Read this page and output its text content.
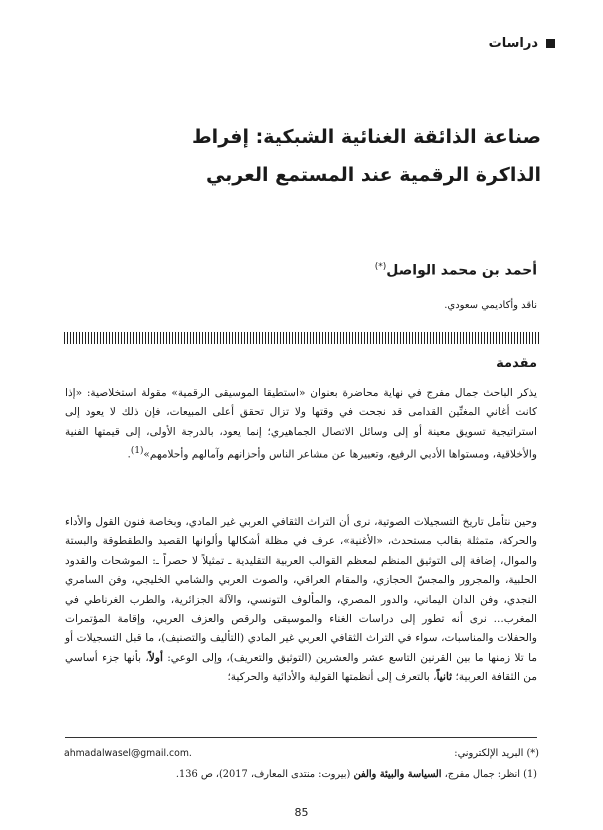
دراسات
صناعة الذائقة الغنائية الشبكية: إفراط
الذاكرة الرقمية عند المستمع العربي
أحمد بن محمد الواصل(*)
ناقد وأكاديمي سعودي.
مقدمة

يذكر الباحث جمال مفرج في نهاية محاضرة بعنوان «استطيقا الموسيقى الرقمية» مقولة استخلاصية: «إذا كانت أغاني المغنِّين القدامى قد نجحت في وقتها ولا تزال تحقق أعلى المبيعات، فإن ذلك لا يعود إلى استراتيجية تسويق معينة أو إلى وسائل الاتصال الجماهيري؛ إنما يعود، بالدرجة الأولى، إلى قيمتها الفنية والأخلاقية، ومستواها الأدبي الرفيع، وتعبيرها عن مشاعر الناس وأحزانهم وآمالهم وأحلامهم»$^{(1)}$.

وحين نتأمل تاريخ التسجيلات الصوتية، نرى أن التراث الثقافي العربي غير المادي، وبخاصة فنون القول والأداء والحركة، متمثلة بقالب مستحدث، «الأغنية»، عرف في مظلة أشكالها وألوانها القصيد والطقطوقة والبستة والموال، إضافة إلى التوثيق المنظم لمعظم القوالب العربية التقليدية ـ تمثيلاً لا حصراً ـ: الموشحات والقدود الحلبية، والمجرور والمجسّ الحجازي، والمقام العراقي، والصوت العربي والشامي الخليجي، وفن السامري النجدي، وفن الدان اليماني، والدور المصري، والمألوف التونسي، والآلة الجزائرية، والطرب الغرناطي في المغرب... نرى أنه تطور إلى دراسات الغناء والموسيقى والرقص والعزف العربي، وإقامة المؤتمرات والحفلات والمناسبات، سواء في التراث الثقافي العربي غير المادي (التأليف والتصنيف)، ما قبل التسجيلات أو ما تلا زمنها ما بين القرنين التاسع عشر والعشرين (التوثيق والتعريف)، وإلى الوعي: أولاً، بأنها جزء أساسي من الثقافة العربية؛ ثانياً، بالتعرف إلى أنظمتها القولية والأدائية والحركية؛

(*) البريد الإلكتروني:
ahmadalwasel@gmail.com.
(1) انظر: جمال مفرج، السياسة والبيئة والفن (بيروت: منتدى المعارف، 2017)، ص 136.
85
